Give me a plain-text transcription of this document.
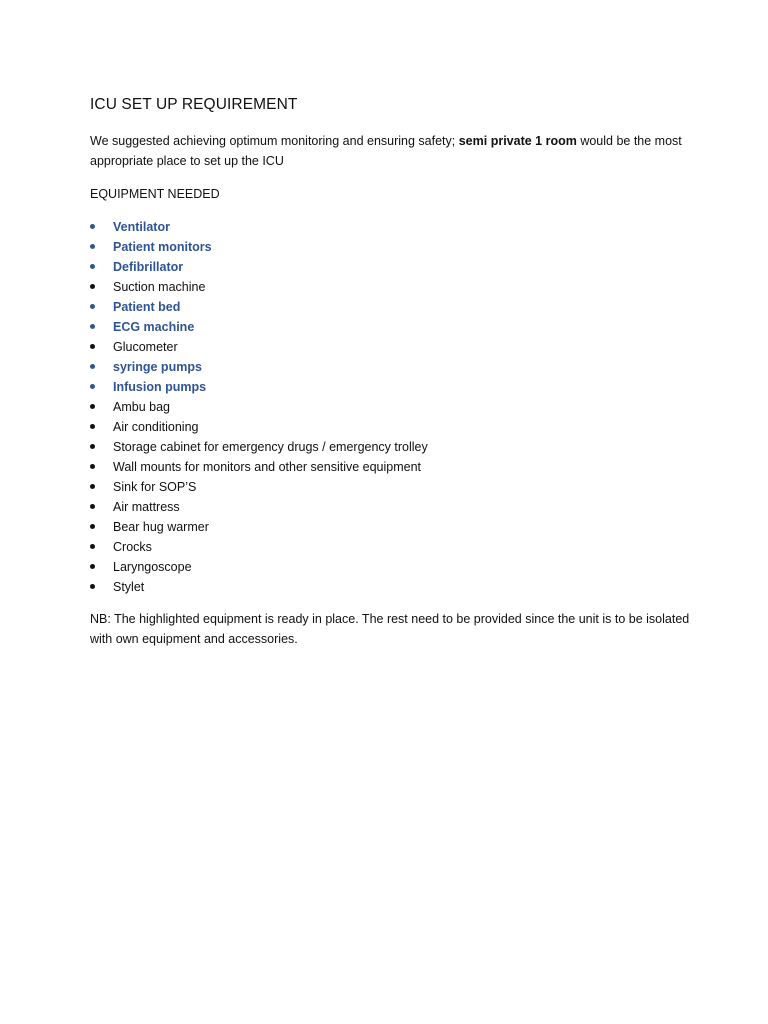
ICU SET UP REQUIREMENT

We suggested achieving optimum monitoring and ensuring safety; semi private 1 room would be the most appropriate place to set up the ICU

EQUIPMENT NEEDED

Ventilator
Patient monitors
Defibrillator
Suction machine
Patient bed
ECG machine
Glucometer
syringe pumps
Infusion pumps
Ambu bag
Air conditioning
Storage cabinet for emergency drugs / emergency trolley
Wall mounts for monitors and other sensitive equipment
Sink for SOP’S
Air mattress
Bear hug warmer
Crocks
Laryngoscope
Stylet

NB: The highlighted equipment is ready in place. The rest need to be provided since the unit is to be isolated with own equipment and accessories.
